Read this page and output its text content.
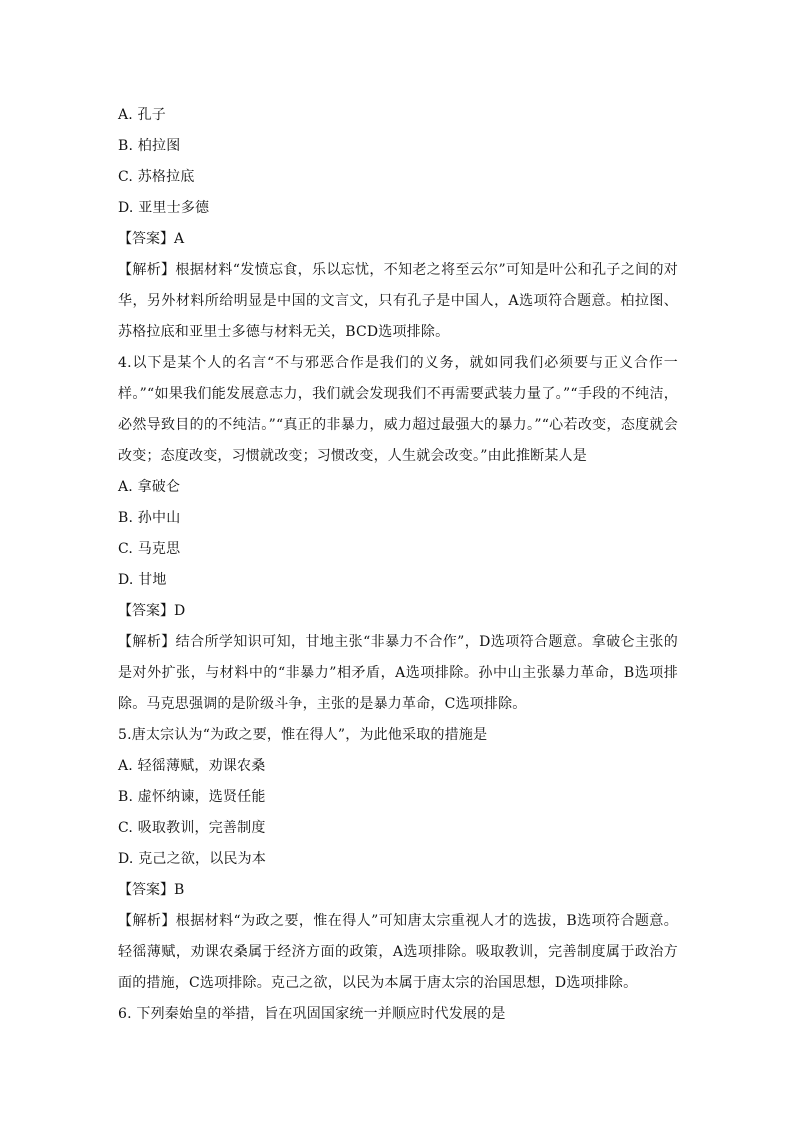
A. 孔子
B. 柏拉图
C. 苏格拉底
D. 亚里士多德
【答案】A
【解析】根据材料“发愤忘食，乐以忘忧，不知老之将至云尔”可知是叶公和孔子之间的对华，另外材料所给明显是中国的文言文，只有孔子是中国人，A选项符合题意。柏拉图、苏格拉底和亚里士多德与材料无关，BCD选项排除。
4.以下是某个人的名言“不与邪恶合作是我们的义务，就如同我们必须要与正义合作一样。”“如果我们能发展意志力，我们就会发现我们不再需要武装力量了。”“手段的不纯洁，必然导致目的的不纯洁。”“真正的非暴力，威力超过最强大的暴力。”“心若改变，态度就会改变；态度改变，习惯就改变；习惯改变，人生就会改变。”由此推断某人是
A. 拿破仑
B. 孙中山
C. 马克思
D. 甘地
【答案】D
【解析】结合所学知识可知，甘地主张“非暴力不合作”，D选项符合题意。拿破仑主张的是对外扩张，与材料中的“非暴力”相矛盾，A选项排除。孙中山主张暴力革命，B选项排除。马克思强调的是阶级斗争，主张的是暴力革命，C选项排除。
5.唐太宗认为“为政之要，惟在得人”，为此他采取的措施是
A. 轻徭薄赋，劝课农桑
B. 虚怀纳谏，选贤任能
C. 吸取教训，完善制度
D. 克己之欲，以民为本
【答案】B
【解析】根据材料“为政之要，惟在得人”可知唐太宗重视人才的选拔，B选项符合题意。轻徭薄赋，劝课农桑属于经济方面的政策，A选项排除。吸取教训，完善制度属于政治方面的措施，C选项排除。克己之欲，以民为本属于唐太宗的治国思想，D选项排除。
6. 下列秦始皇的举措，旨在巩固国家统一并顺应时代发展的是
